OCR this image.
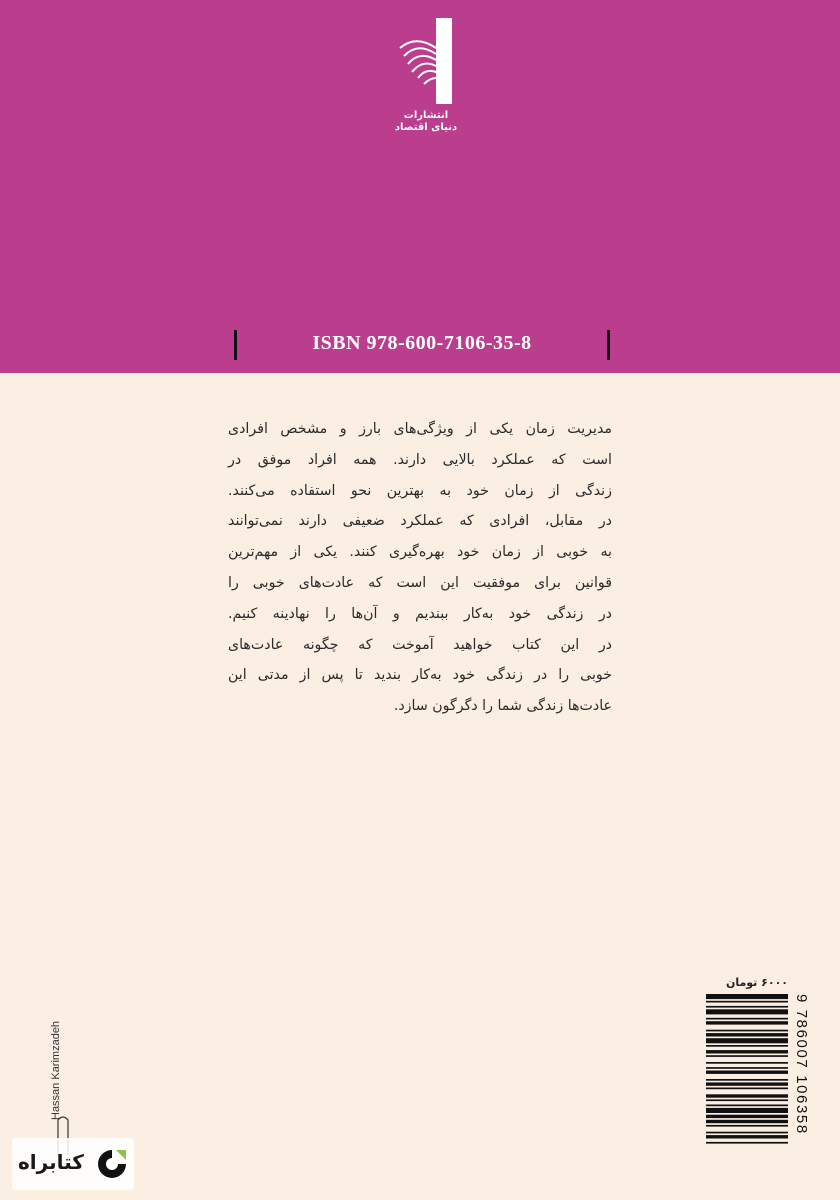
انتشارات
دنیای اقتصاد
ISBN 978-600-7106-35-8
مدیریت زمان یکی از ویژگی‌های بارز و مشخص افرادی
است که عملکرد بالایی دارند. همه افراد موفق در
زندگی از زمان خود به بهترین نحو استفاده می‌کنند.
در مقابل، افرادی که عملکرد ضعیفی دارند نمی‌توانند
به خوبی از زمان خود بهره‌گیری کنند. یکی از مهم‌ترین
قوانین برای موفقیت این است که عادت‌های خوبی را
در زندگی خود به‌کار ببندیم و آن‌ها را نهادینه کنیم.
در این کتاب خواهید آموخت که چگونه عادت‌های
خوبی را در زندگی خود به‌کار بندید تا پس از مدتی این
عادت‌ها زندگی شما را دگرگون سازد.
۶۰۰۰ تومان
9 786007 106358
Hassan Karimzadeh
کتابراه
